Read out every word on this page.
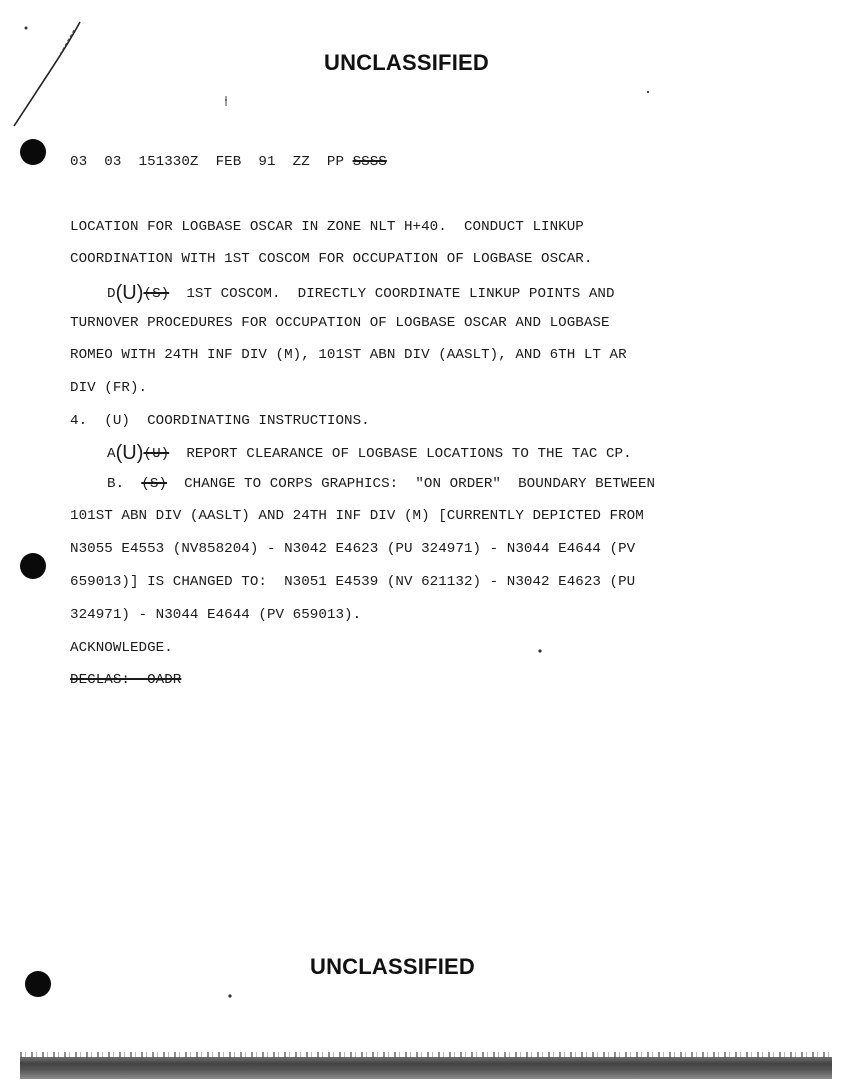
UNCLASSIFIED

03  03  151330Z  FEB  91  ZZ  PP SSSS

LOCATION FOR LOGBASE OSCAR IN ZONE NLT H+40.  CONDUCT LINKUP

COORDINATION WITH 1ST COSCOM FOR OCCUPATION OF LOGBASE OSCAR.

D(U)(S)  1ST COSCOM.  DIRECTLY COORDINATE LINKUP POINTS AND

TURNOVER PROCEDURES FOR OCCUPATION OF LOGBASE OSCAR AND LOGBASE

ROMEO WITH 24TH INF DIV (M), 101ST ABN DIV (AASLT), AND 6TH LT AR

DIV (FR).

4.  (U)  COORDINATING INSTRUCTIONS.

A(U)(U)  REPORT CLEARANCE OF LOGBASE LOCATIONS TO THE TAC CP.

B.  (S)  CHANGE TO CORPS GRAPHICS:  "ON ORDER"  BOUNDARY BETWEEN

101ST ABN DIV (AASLT) AND 24TH INF DIV (M) [CURRENTLY DEPICTED FROM

N3055 E4553 (NV858204) - N3042 E4623 (PU 324971) - N3044 E4644 (PV

659013)] IS CHANGED TO:  N3051 E4539 (NV 621132) - N3042 E4623 (PU

324971) - N3044 E4644 (PV 659013).

ACKNOWLEDGE.

DECLAS:  OADR

UNCLASSIFIED
